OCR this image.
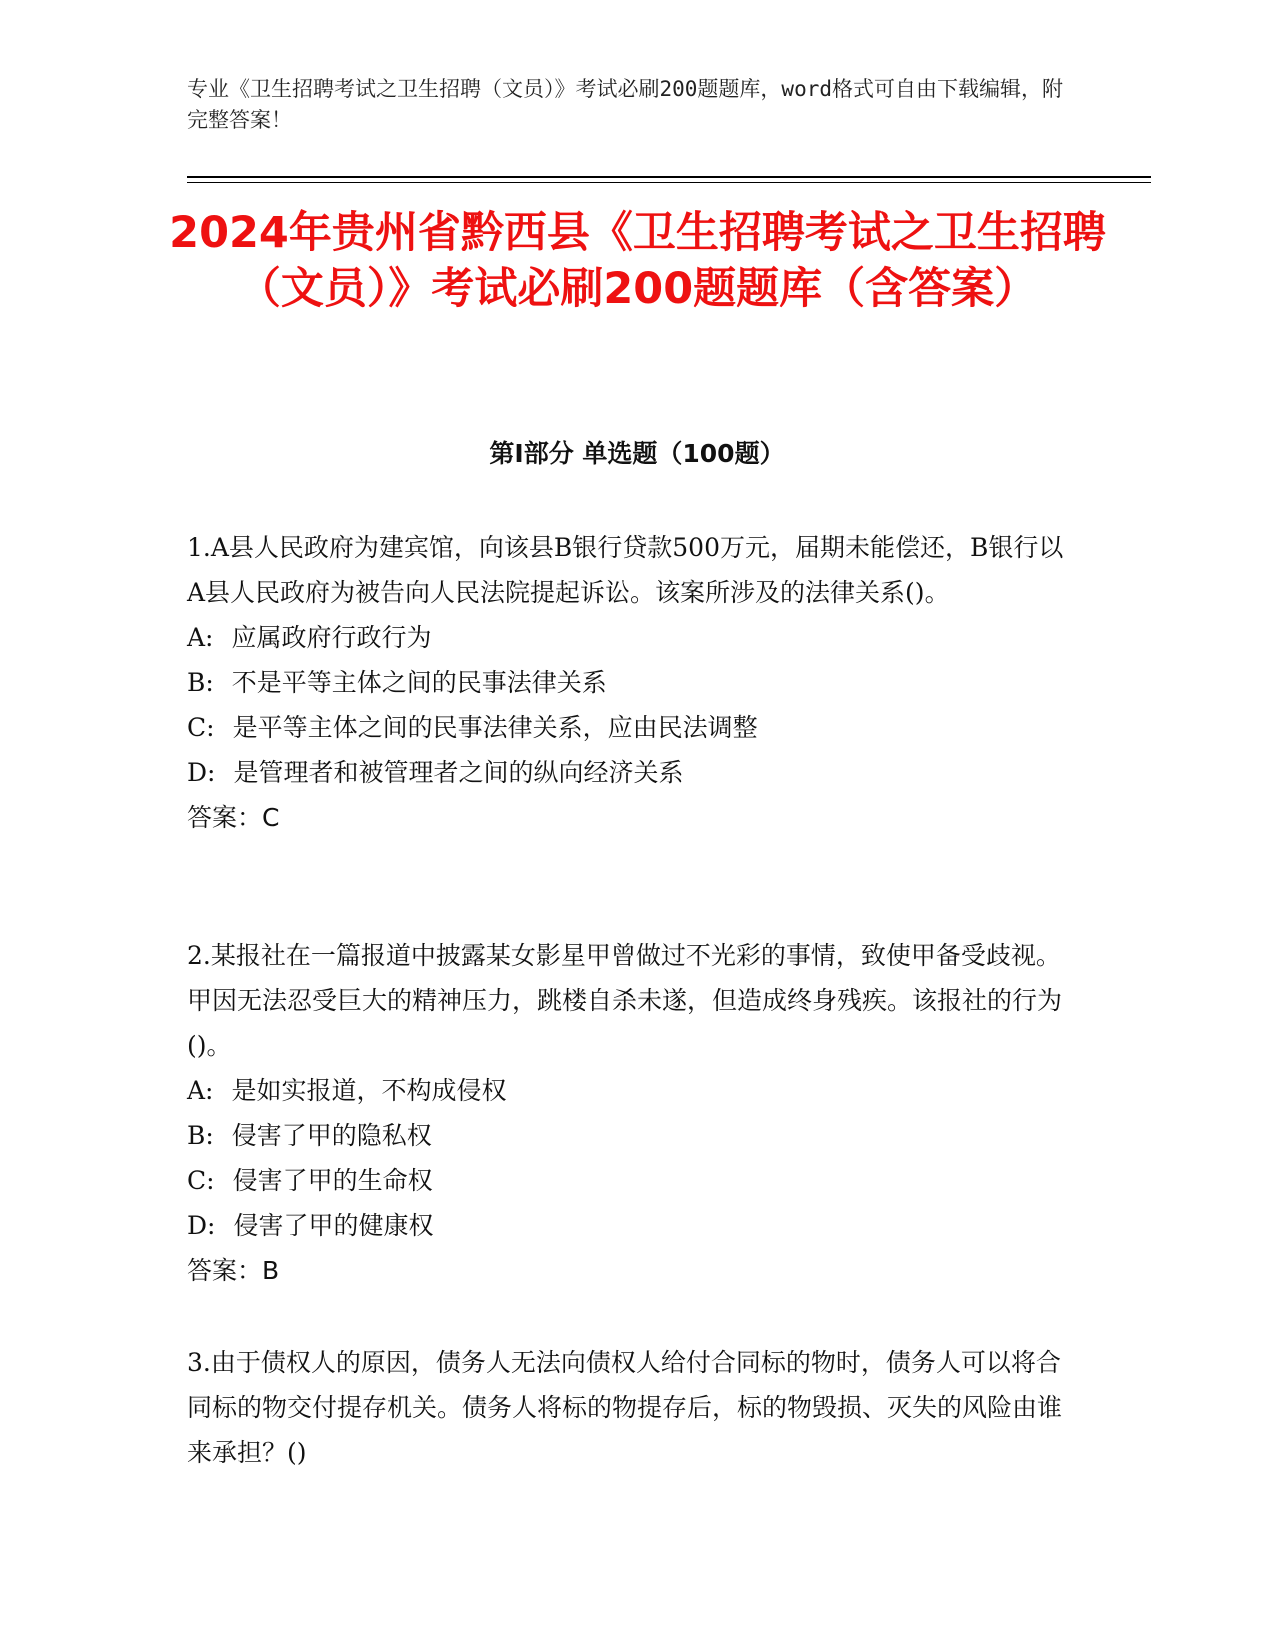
专业《卫生招聘考试之卫生招聘（文员）》考试必刷200题题库，word格式可自由下载编辑，附完整答案！
2024年贵州省黔西县《卫生招聘考试之卫生招聘（文员）》考试必刷200题题库（含答案）
第I部分 单选题（100题）

1.A县人民政府为建宾馆，向该县B银行贷款500万元，届期未能偿还，B银行以A县人民政府为被告向人民法院提起诉讼。该案所涉及的法律关系()。

A: 应属政府行政行为

B: 不是平等主体之间的民事法律关系

C: 是平等主体之间的民事法律关系，应由民法调整

D: 是管理者和被管理者之间的纵向经济关系

答案：C

2.某报社在一篇报道中披露某女影星甲曾做过不光彩的事情，致使甲备受歧视。甲因无法忍受巨大的精神压力，跳楼自杀未遂，但造成终身残疾。该报社的行为()。

A: 是如实报道，不构成侵权

B: 侵害了甲的隐私权

C: 侵害了甲的生命权

D: 侵害了甲的健康权

答案：B

3.由于债权人的原因，债务人无法向债权人给付合同标的物时，债务人可以将合同标的物交付提存机关。债务人将标的物提存后，标的物毁损、灭失的风险由谁来承担？()
